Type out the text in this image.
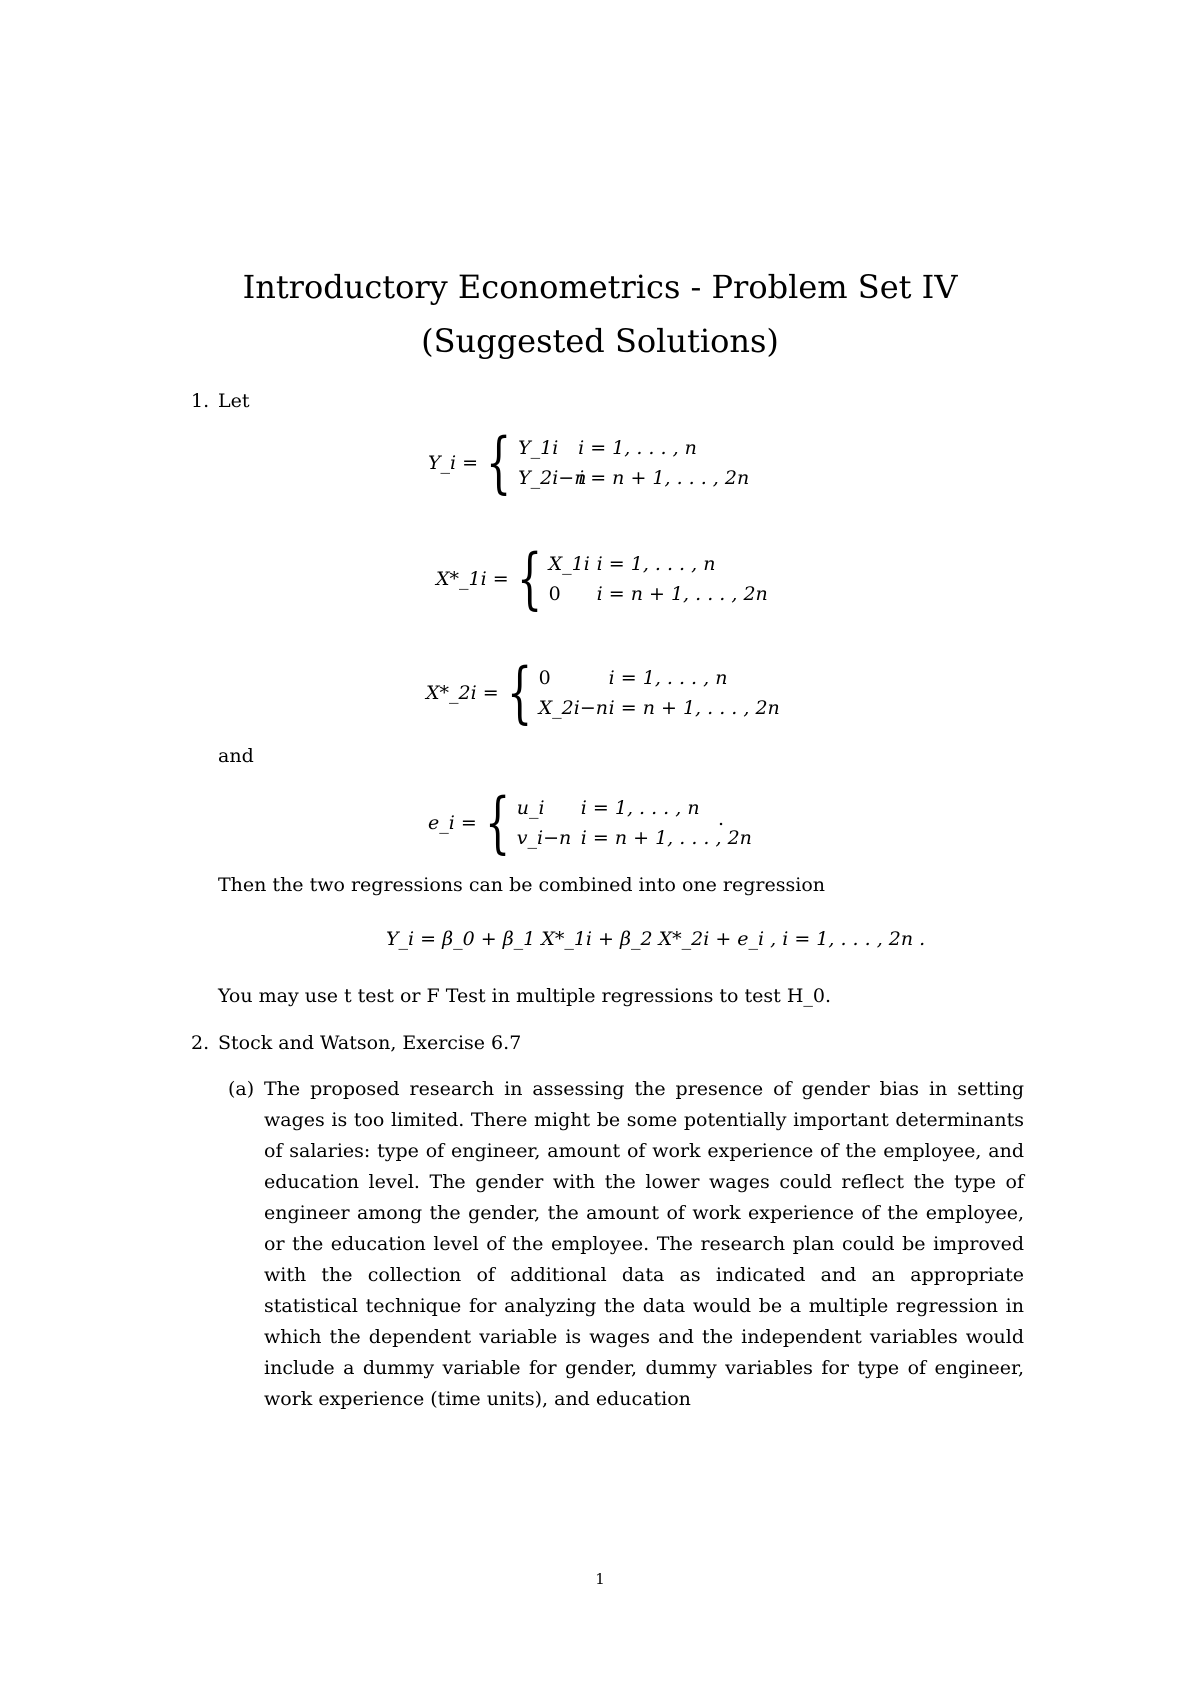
Introductory Econometrics - Problem Set IV
(Suggested Solutions)
1. Let
Y_i = { Y_1i	i = 1, . . . , n
Y_2i−n
i = n + 1, . . . , 2n
X*_1i = { X_1i i = 1, . . . , n
0	i = n + 1, . . . , 2n
X*_2i = { 0	i = 1, . . . , n
X_2i−n i = n + 1, . . . , 2n
and
e_i = { u_i	i = 1, . . . , n
v_i−n i = n + 1, . . . , 2n
.
Then the two regressions can be combined into one regression
Y_i = β_0 + β_1 X*_1i + β_2 X*_2i + e_i , i = 1, . . . , 2n .
You may use t test or F Test in multiple regressions to test H_0.
2. Stock and Watson, Exercise 6.7
(a) The proposed research in assessing the presence of gender bias in setting wages is too limited. There might be some potentially important determinants of salaries: type of engineer, amount of work experience of the employee, and education level. The gender with the lower wages could reflect the type of engineer among the gender, the amount of work experience of the employee, or the education level of the employee. The research plan could be improved with the collection of additional data as indicated and an appropriate statistical technique for analyzing the data would be a multiple regression in which the dependent variable is wages and the independent variables would include a dummy variable for gender, dummy variables for type of engineer, work experience (time units), and education
1
